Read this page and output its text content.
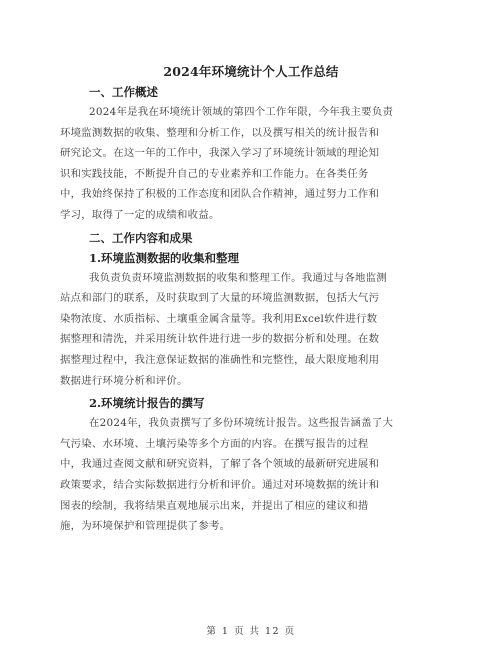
2024年环境统计个人工作总结
一、工作概述
2024年是我在环境统计领域的第四个工作年限，今年我主要负责
环境监测数据的收集、整理和分析工作，以及撰写相关的统计报告和
研究论文。在这一年的工作中，我深入学习了环境统计领域的理论知
识和实践技能，不断提升自己的专业素养和工作能力。在各类任务
中，我始终保持了积极的工作态度和团队合作精神，通过努力工作和
学习，取得了一定的成绩和收益。
二、工作内容和成果
1.环境监测数据的收集和整理
我负责负责环境监测数据的收集和整理工作。我通过与各地监测
站点和部门的联系，及时获取到了大量的环境监测数据，包括大气污
染物浓度、水质指标、土壤重金属含量等。我利用Excel软件进行数
据整理和清洗，并采用统计软件进行进一步的数据分析和处理。在数
据整理过程中，我注意保证数据的准确性和完整性，最大限度地利用
数据进行环境分析和评价。
2.环境统计报告的撰写
在2024年，我负责撰写了多份环境统计报告。这些报告涵盖了大
气污染、水环境、土壤污染等多个方面的内容。在撰写报告的过程
中，我通过查阅文献和研究资料，了解了各个领域的最新研究进展和
政策要求，结合实际数据进行分析和评价。通过对环境数据的统计和
图表的绘制，我将结果直观地展示出来，并提出了相应的建议和措
施，为环境保护和管理提供了参考。
第 1 页 共 12 页
